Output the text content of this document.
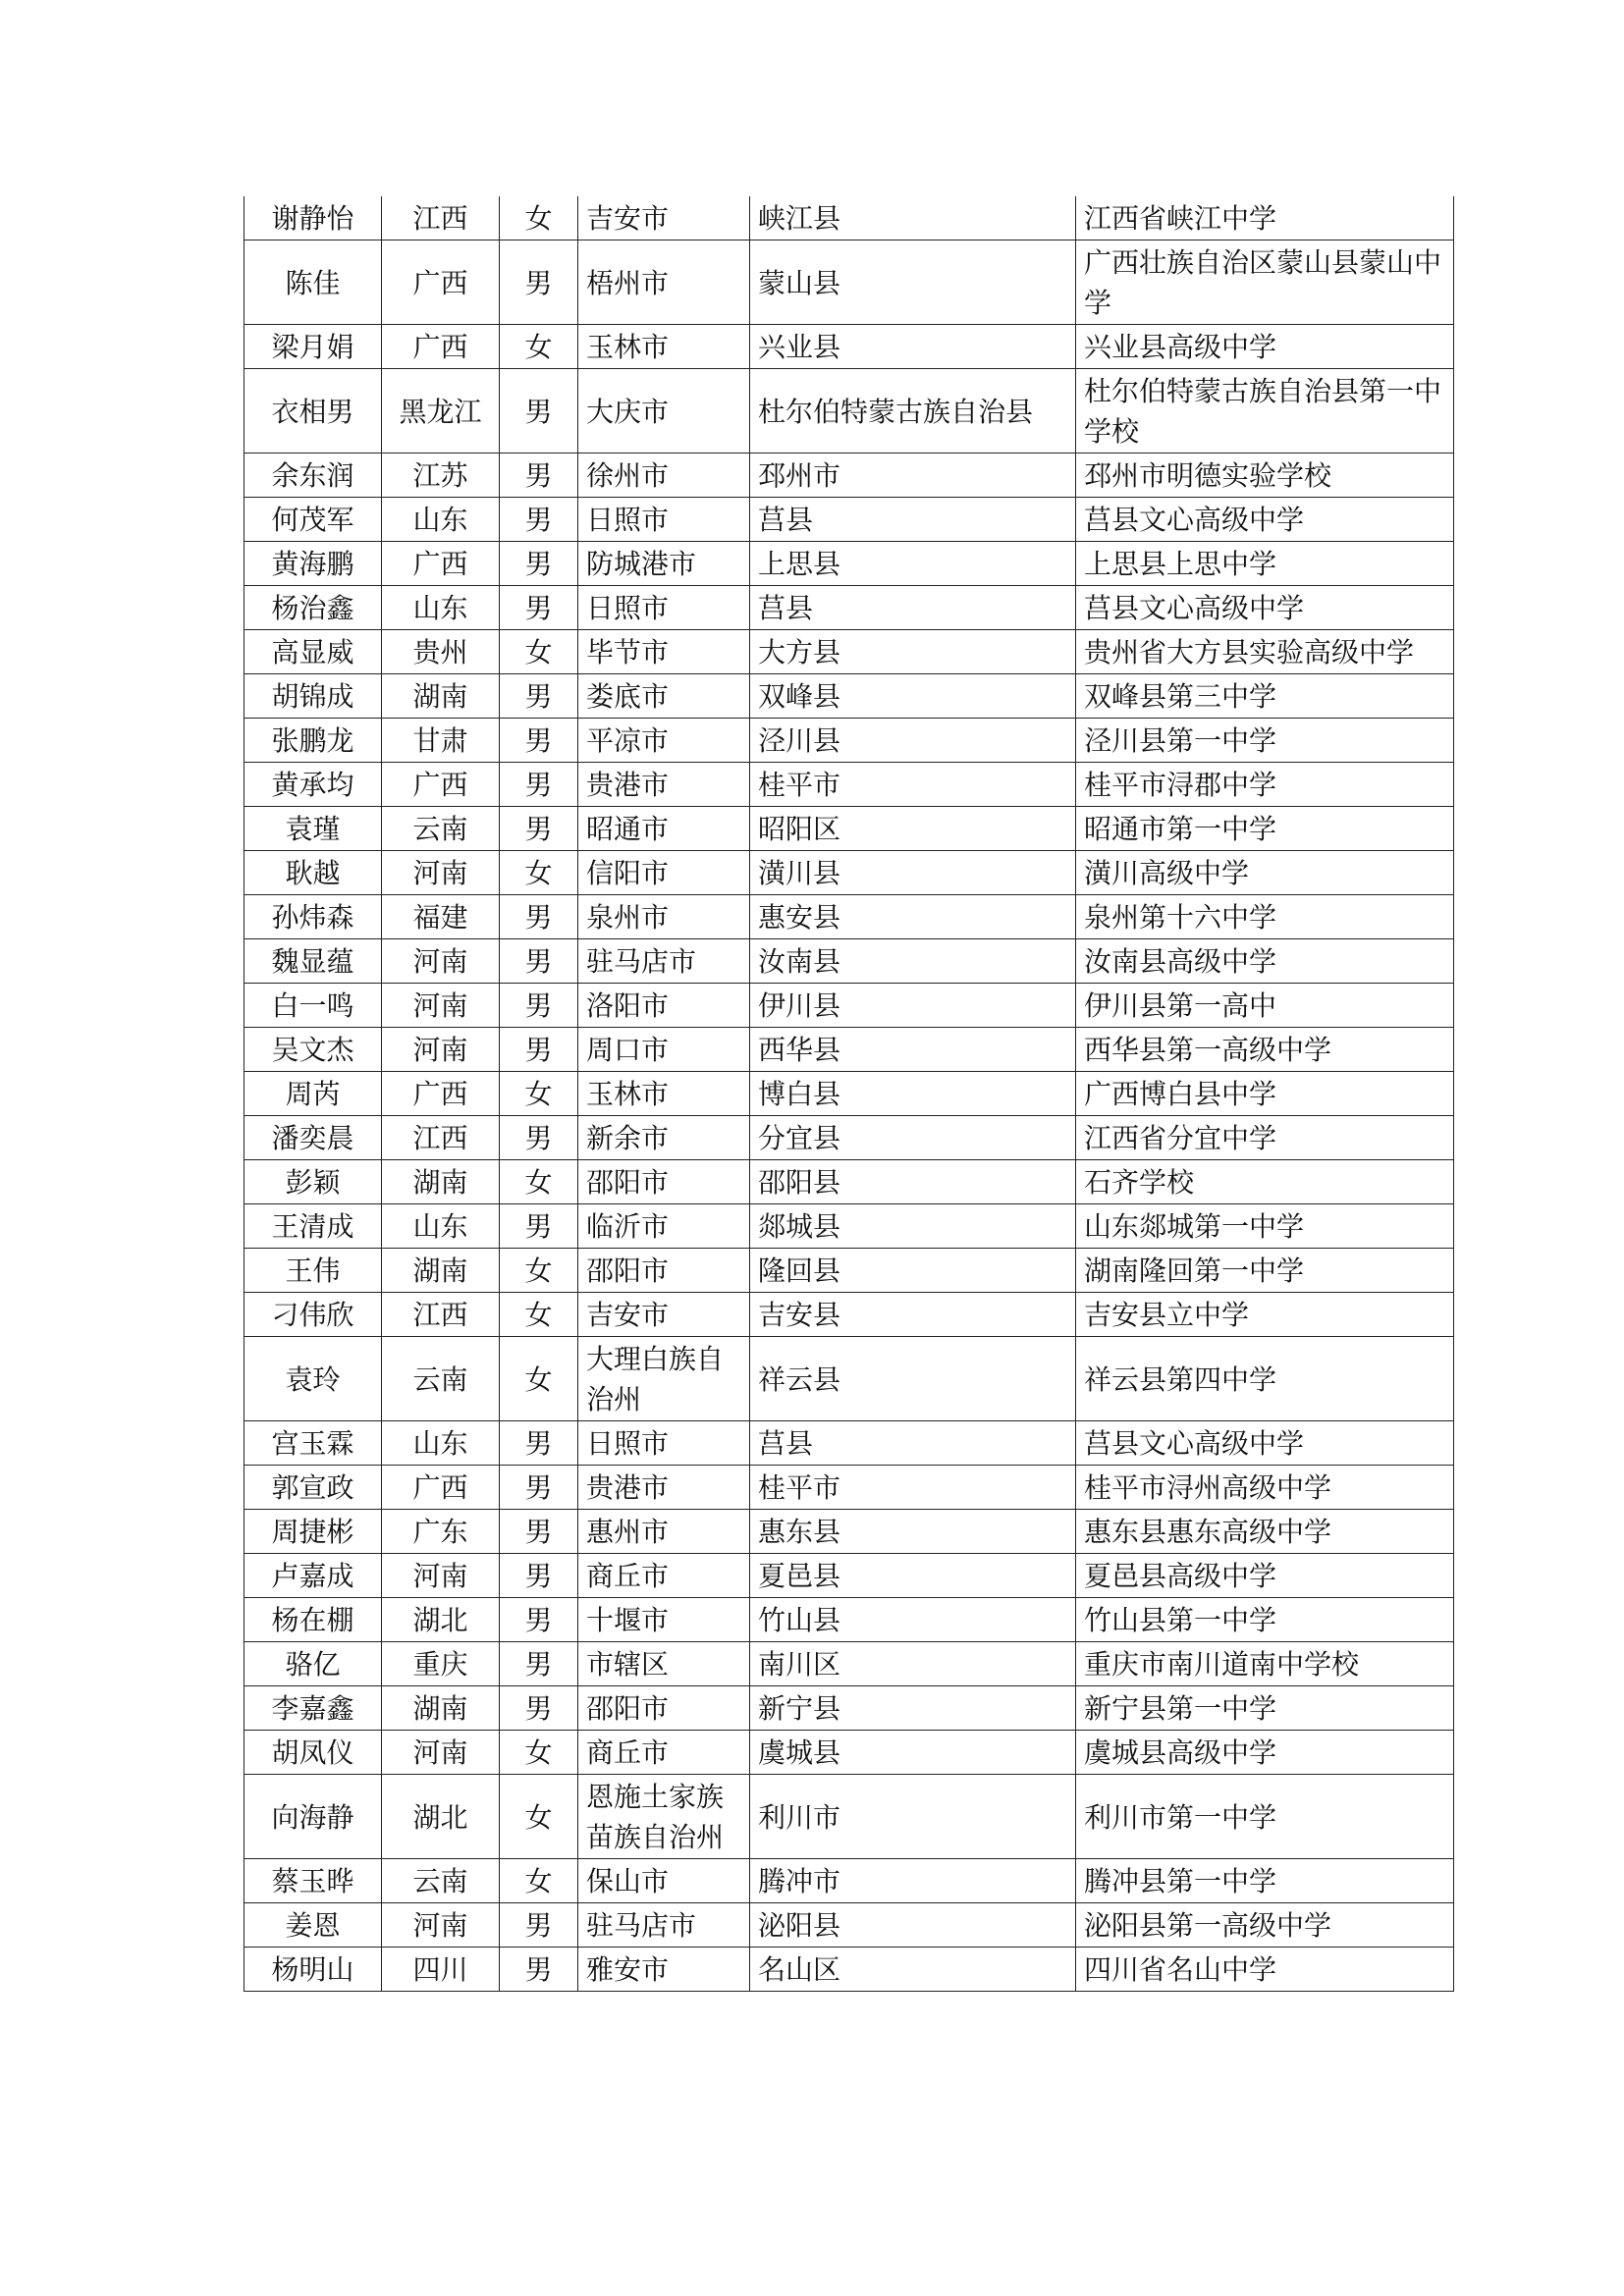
谢静怡	江西	女	吉安市	峡江县	江西省峡江中学
陈佳	广西	男	梧州市	蒙山县	广西壮族自治区蒙山县蒙山中学
梁月娟	广西	女	玉林市	兴业县	兴业县高级中学
衣相男	黑龙江	男	大庆市	杜尔伯特蒙古族自治县	杜尔伯特蒙古族自治县第一中学校
余东润	江苏	男	徐州市	邳州市	邳州市明德实验学校
何茂军	山东	男	日照市	莒县	莒县文心高级中学
黄海鹏	广西	男	防城港市	上思县	上思县上思中学
杨治鑫	山东	男	日照市	莒县	莒县文心高级中学
高显威	贵州	女	毕节市	大方县	贵州省大方县实验高级中学
胡锦成	湖南	男	娄底市	双峰县	双峰县第三中学
张鹏龙	甘肃	男	平凉市	泾川县	泾川县第一中学
黄承均	广西	男	贵港市	桂平市	桂平市浔郡中学
袁瑾	云南	男	昭通市	昭阳区	昭通市第一中学
耿越	河南	女	信阳市	潢川县	潢川高级中学
孙炜森	福建	男	泉州市	惠安县	泉州第十六中学
魏显蕴	河南	男	驻马店市	汝南县	汝南县高级中学
白一鸣	河南	男	洛阳市	伊川县	伊川县第一高中
吴文杰	河南	男	周口市	西华县	西华县第一高级中学
周芮	广西	女	玉林市	博白县	广西博白县中学
潘奕晨	江西	男	新余市	分宜县	江西省分宜中学
彭颖	湖南	女	邵阳市	邵阳县	石齐学校
王清成	山东	男	临沂市	郯城县	山东郯城第一中学
王伟	湖南	女	邵阳市	隆回县	湖南隆回第一中学
刁伟欣	江西	女	吉安市	吉安县	吉安县立中学
袁玲	云南	女	大理白族自治州	祥云县	祥云县第四中学
宫玉霖	山东	男	日照市	莒县	莒县文心高级中学
郭宣政	广西	男	贵港市	桂平市	桂平市浔州高级中学
周捷彬	广东	男	惠州市	惠东县	惠东县惠东高级中学
卢嘉成	河南	男	商丘市	夏邑县	夏邑县高级中学
杨在棚	湖北	男	十堰市	竹山县	竹山县第一中学
骆亿	重庆	男	市辖区	南川区	重庆市南川道南中学校
李嘉鑫	湖南	男	邵阳市	新宁县	新宁县第一中学
胡凤仪	河南	女	商丘市	虞城县	虞城县高级中学
向海静	湖北	女	恩施土家族苗族自治州	利川市	利川市第一中学
蔡玉晔	云南	女	保山市	腾冲市	腾冲县第一中学
姜恩	河南	男	驻马店市	泌阳县	泌阳县第一高级中学
杨明山	四川	男	雅安市	名山区	四川省名山中学
